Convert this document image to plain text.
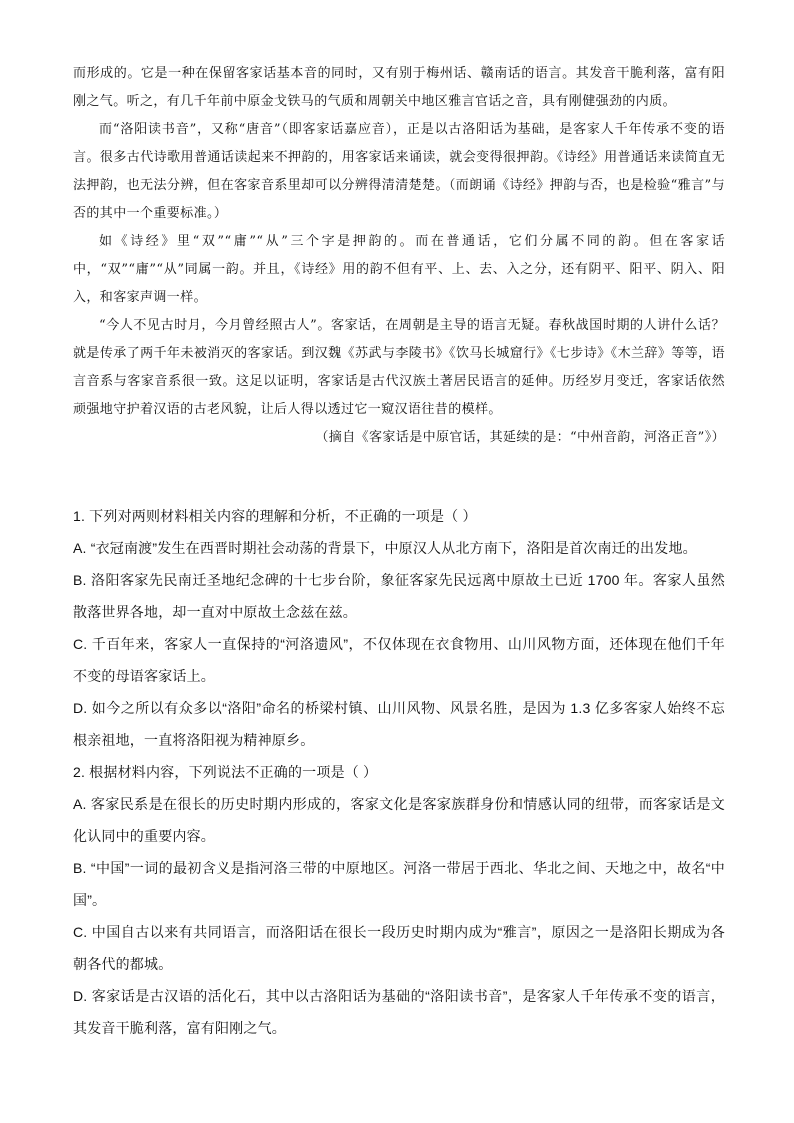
而形成的。它是一种在保留客家话基本音的同时，又有别于梅州话、赣南话的语言。其发音干脆利落，富有阳刚之气。听之，有几千年前中原金戈铁马的气质和周朝关中地区雅言官话之音，具有刚健强劲的内质。

而“洛阳读书音”，又称“唐音”（即客家话嘉应音），正是以古洛阳话为基础，是客家人千年传承不变的语言。很多古代诗歌用普通话读起来不押韵的，用客家话来诵读，就会变得很押韵。《诗经》用普通话来读简直无法押韵，也无法分辨，但在客家音系里却可以分辨得清清楚楚。（而朗诵《诗经》押韵与否，也是检验“雅言”与否的其中一个重要标准。）

如《诗经》里“双”“庸”“从”三个字是押韵的。而在普通话，它们分属不同的韵。但在客家话中，“双”“庸”“从”同属一韵。并且，《诗经》用的韵不但有平、上、去、入之分，还有阴平、阳平、阴入、阳入，和客家声调一样。

“今人不见古时月，今月曾经照古人”。客家话，在周朝是主导的语言无疑。春秋战国时期的人讲什么话？就是传承了两千年未被消灭的客家话。到汉魏《苏武与李陵书》《饮马长城窟行》《七步诗》《木兰辞》等等，语言音系与客家音系很一致。这足以证明，客家话是古代汉族土著居民语言的延伸。历经岁月变迁，客家话依然顽强地守护着汉语的古老风貌，让后人得以透过它一窥汉语往昔的模样。

（摘自《客家话是中原官话，其延续的是：“中州音韵，河洛正音”》）

1. 下列对两则材料相关内容的理解和分析，不正确的一项是（ ）

A. “衣冠南渡”发生在西晋时期社会动荡的背景下，中原汉人从北方南下，洛阳是首次南迁的出发地。

B. 洛阳客家先民南迁圣地纪念碑的十七步台阶，象征客家先民远离中原故土已近 1700 年。客家人虽然散落世界各地，却一直对中原故土念兹在兹。

C. 千百年来，客家人一直保持的“河洛遗风”，不仅体现在衣食物用、山川风物方面，还体现在他们千年不变的母语客家话上。

D. 如今之所以有众多以“洛阳”命名的桥梁村镇、山川风物、风景名胜，是因为 1.3 亿多客家人始终不忘根亲祖地，一直将洛阳视为精神原乡。

2. 根据材料内容，下列说法不正确的一项是（ ）

A. 客家民系是在很长的历史时期内形成的，客家文化是客家族群身份和情感认同的纽带，而客家话是文化认同中的重要内容。

B. “中国”一词的最初含义是指河洛三带的中原地区。河洛一带居于西北、华北之间、天地之中，故名“中国”。

C. 中国自古以来有共同语言，而洛阳话在很长一段历史时期内成为“雅言”，原因之一是洛阳长期成为各朝各代的都城。

D. 客家话是古汉语的活化石，其中以古洛阳话为基础的“洛阳读书音”，是客家人千年传承不变的语言，其发音干脆利落，富有阳刚之气。
